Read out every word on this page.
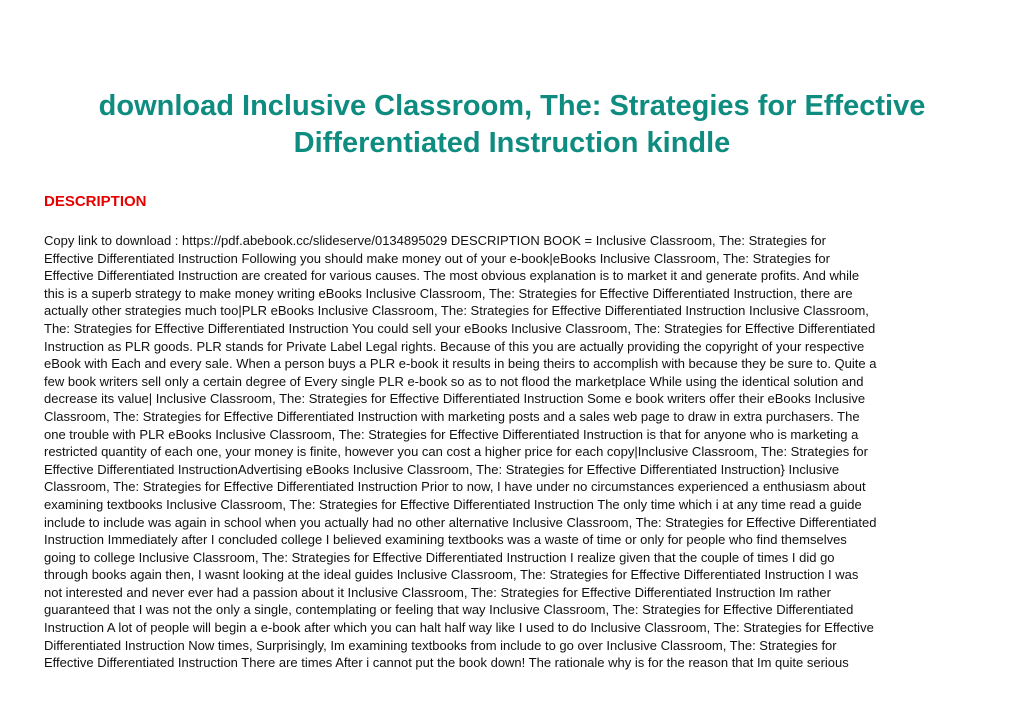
download Inclusive Classroom, The: Strategies for Effective
Differentiated Instruction kindle
DESCRIPTION
Copy link to download : https://pdf.abebook.cc/slideserve/0134895029 DESCRIPTION BOOK = Inclusive Classroom, The: Strategies for
Effective Differentiated Instruction Following you should make money out of your e-book|eBooks Inclusive Classroom, The: Strategies for
Effective Differentiated Instruction are created for various causes. The most obvious explanation is to market it and generate profits. And while
this is a superb strategy to make money writing eBooks Inclusive Classroom, The: Strategies for Effective Differentiated Instruction, there are
actually other strategies much too|PLR eBooks Inclusive Classroom, The: Strategies for Effective Differentiated Instruction Inclusive Classroom,
The: Strategies for Effective Differentiated Instruction You could sell your eBooks Inclusive Classroom, The: Strategies for Effective Differentiated
Instruction as PLR goods. PLR stands for Private Label Legal rights. Because of this you are actually providing the copyright of your respective
eBook with Each and every sale. When a person buys a PLR e-book it results in being theirs to accomplish with because they be sure to. Quite a
few book writers sell only a certain degree of Every single PLR e-book so as to not flood the marketplace While using the identical solution and
decrease its value| Inclusive Classroom, The: Strategies for Effective Differentiated Instruction Some e book writers offer their eBooks Inclusive
Classroom, The: Strategies for Effective Differentiated Instruction with marketing posts and a sales web page to draw in extra purchasers. The
one trouble with PLR eBooks Inclusive Classroom, The: Strategies for Effective Differentiated Instruction is that for anyone who is marketing a
restricted quantity of each one, your money is finite, however you can cost a higher price for each copy|Inclusive Classroom, The: Strategies for
Effective Differentiated InstructionAdvertising eBooks Inclusive Classroom, The: Strategies for Effective Differentiated Instruction} Inclusive
Classroom, The: Strategies for Effective Differentiated Instruction Prior to now, I have under no circumstances experienced a enthusiasm about
examining textbooks Inclusive Classroom, The: Strategies for Effective Differentiated Instruction The only time which i at any time read a guide
include to include was again in school when you actually had no other alternative Inclusive Classroom, The: Strategies for Effective Differentiated
Instruction Immediately after I concluded college I believed examining textbooks was a waste of time or only for people who find themselves
going to college Inclusive Classroom, The: Strategies for Effective Differentiated Instruction I realize given that the couple of times I did go
through books again then, I wasnt looking at the ideal guides Inclusive Classroom, The: Strategies for Effective Differentiated Instruction I was
not interested and never ever had a passion about it Inclusive Classroom, The: Strategies for Effective Differentiated Instruction Im rather
guaranteed that I was not the only a single, contemplating or feeling that way Inclusive Classroom, The: Strategies for Effective Differentiated
Instruction A lot of people will begin a e-book after which you can halt half way like I used to do Inclusive Classroom, The: Strategies for Effective
Differentiated Instruction Now times, Surprisingly, Im examining textbooks from include to go over Inclusive Classroom, The: Strategies for
Effective Differentiated Instruction There are times After i cannot put the book down! The rationale why is for the reason that Im quite serious
